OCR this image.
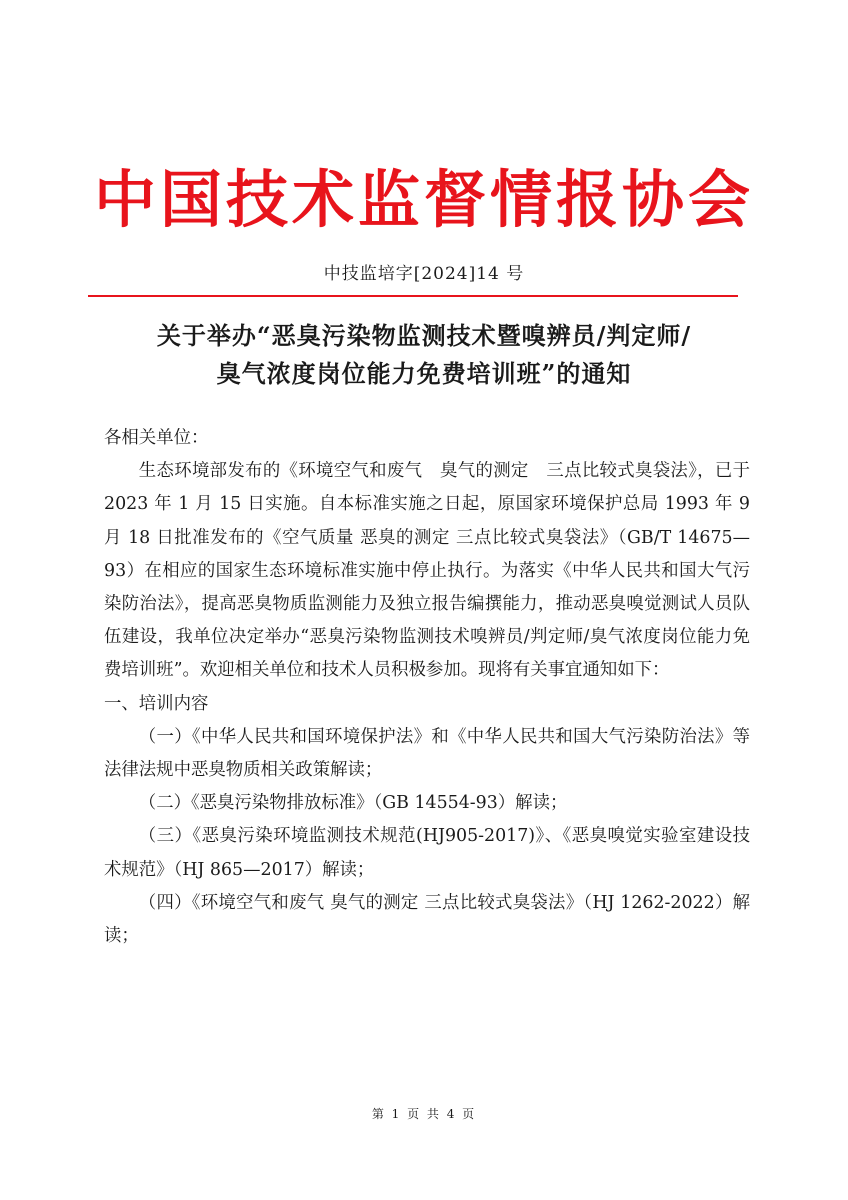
中国技术监督情报协会
中技监培字[2024]14 号
关于举办“恶臭污染物监测技术暨嗅辨员/判定师/
臭气浓度岗位能力免费培训班”的通知

各相关单位：

生态环境部发布的《环境空气和废气　臭气的测定　三点比较式臭袋法》，已于 2023 年 1 月 15 日实施。自本标准实施之日起，原国家环境保护总局 1993 年 9 月 18 日批准发布的《空气质量 恶臭的测定 三点比较式臭袋法》（GB/T 14675—93）在相应的国家生态环境标准实施中停止执行。为落实《中华人民共和国大气污染防治法》，提高恶臭物质监测能力及独立报告编撰能力，推动恶臭嗅觉测试人员队伍建设，我单位决定举办“恶臭污染物监测技术嗅辨员/判定师/臭气浓度岗位能力免费培训班”。欢迎相关单位和技术人员积极参加。现将有关事宜通知如下：

一、培训内容

（一）《中华人民共和国环境保护法》和《中华人民共和国大气污染防治法》等法律法规中恶臭物质相关政策解读；

（二）《恶臭污染物排放标准》（GB 14554-93）解读；

（三）《恶臭污染环境监测技术规范(HJ905-2017)》、《恶臭嗅觉实验室建设技术规范》（HJ 865—2017）解读；

（四）《环境空气和废气 臭气的测定 三点比较式臭袋法》（HJ 1262-2022）解读；

第 1 页 共 4 页
